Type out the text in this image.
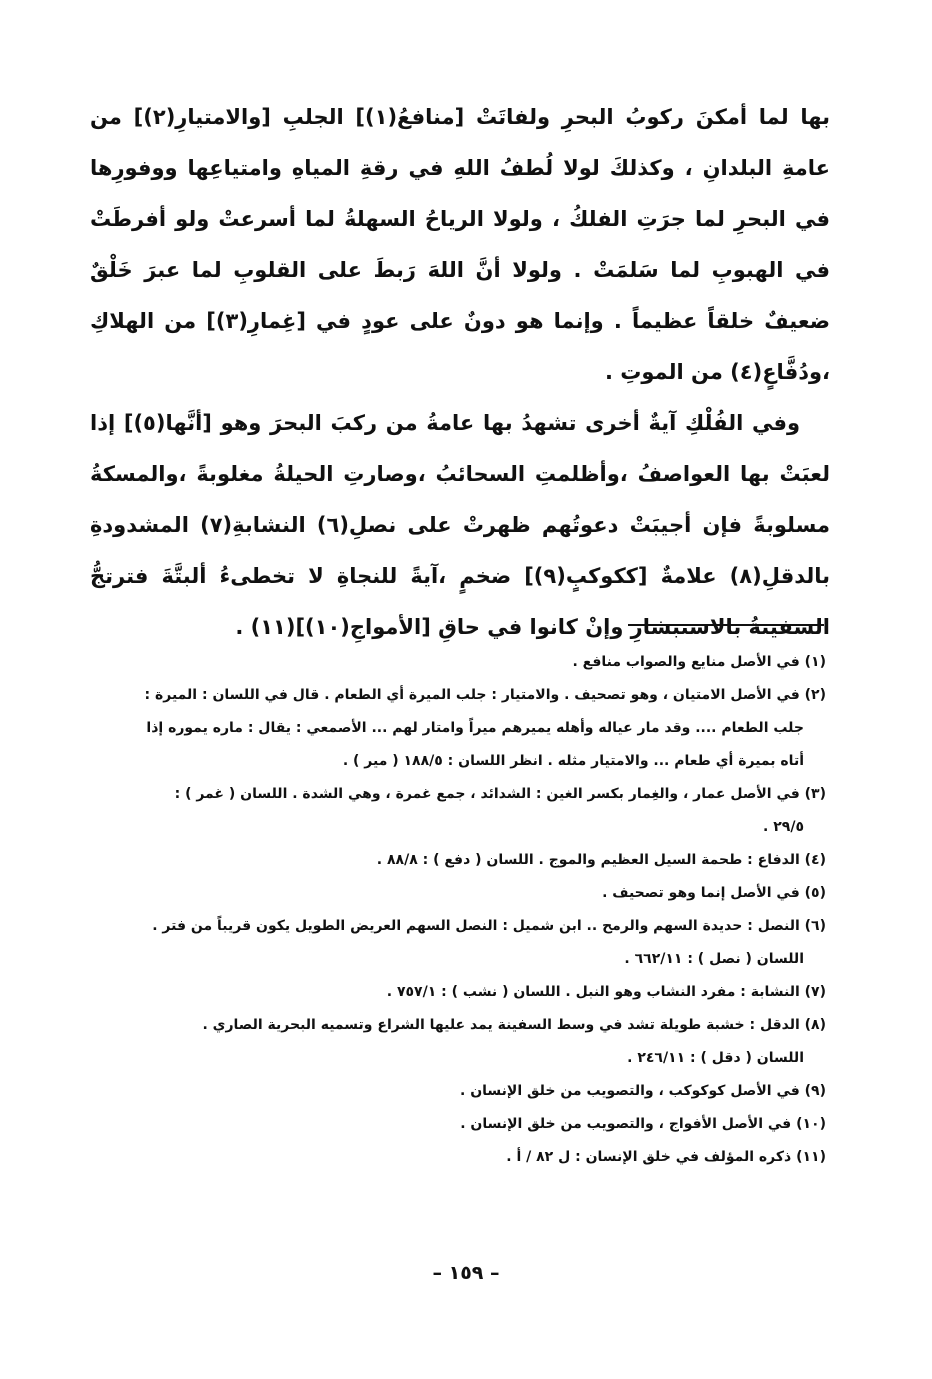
بها لما أمكنَ ركوبُ البحرِ ولفاتَتْ [منافعُ(١)] الجلبِ [والامتيارِ(٢)] من عامةِ البلدانِ ، وكذلكَ لولا لُطفُ اللهِ في رقةِ المياهِ وامتياعِها ووفورِها في البحرِ لما جرَتِ الفلكُ ، ولولا الرياحُ السهلةُ لما أسرعتْ ولو أفرطَتْ في الهبوبِ لما سَلمَتْ . ولولا أنَّ اللهَ رَبطَ على القلوبِ لما عبرَ خَلْقٌ ضعيفٌ خلقاً عظيماً . وإنما هو دونٌ على عودٍ في [غِمارِ(٣)] من الهلاكِ ،ودُفَّاعٍ(٤) من الموتِ .

وفي الفُلْكِ آيةٌ أخرى تشهدُ بها عامةُ من ركبَ البحرَ وهو [أنَّها(٥)] إذا لعبَتْ بها العواصفُ ،وأظلمتِ السحائبُ ،وصارتِ الحيلةُ مغلوبةً ،والمسكةُ مسلوبةً فإن أجيبَتْ دعوتُهم ظهرتْ على نصلِ(٦) النشابةِ(٧) المشدودةِ بالدقلِ(٨) علامةٌ [ككوكبٍ(٩)] ضخمٍ ،آيةً للنجاةِ لا تخطىءُ ألبتَّةَ فترتجُّ السفينةُ بالاستبشارِ وإنْ كانوا في حاقِ [الأمواجِ(١٠)](١١) .

(١) في الأصل منايع والصواب منافع .

(٢) في الأصل الامتيان ، وهو تصحيف . والامتيار : جلب الميرة أي الطعام . قال في اللسان : الميرة :
جلب الطعام .... وقد مار عياله وأهله يميرهم ميراً وامتار لهم ... الأصمعي : يقال : ماره يموره إذا أتاه بميرة أي طعام ... والامتيار مثله . انظر اللسان : ١٨٨/٥ ( مير ) .

(٣) في الأصل عمار ، والغِمار بكسر الغين : الشدائد ، جمع غمرة ، وهي الشدة . اللسان ( غمر ) :
٢٩/٥ .

(٤) الدفاع : طحمة السيل العظيم والموج . اللسان ( دفع ) : ٨٨/٨ .

(٥) في الأصل إنما وهو تصحيف .

(٦) النصل : حديدة السهم والرمح .. ابن شميل : النصل السهم العريض الطويل يكون قريباً من فتر .
اللسان ( نصل ) : ٦٦٢/١١ .

(٧) النشابة : مفرد النشاب وهو النبل . اللسان ( نشب ) : ٧٥٧/١ .

(٨) الدقل : خشبة طويلة تشد في وسط السفينة يمد عليها الشراع وتسميه البحرية الصاري .
اللسان ( دقل ) : ٢٤٦/١١ .

(٩) في الأصل كوكوكب ، والتصويب من خلق الإنسان .

(١٠) في الأصل الأفواج ، والتصويب من خلق الإنسان .

(١١) ذكره المؤلف في خلق الإنسان : ل ٨٢ / أ .

– ١٥٩ –
